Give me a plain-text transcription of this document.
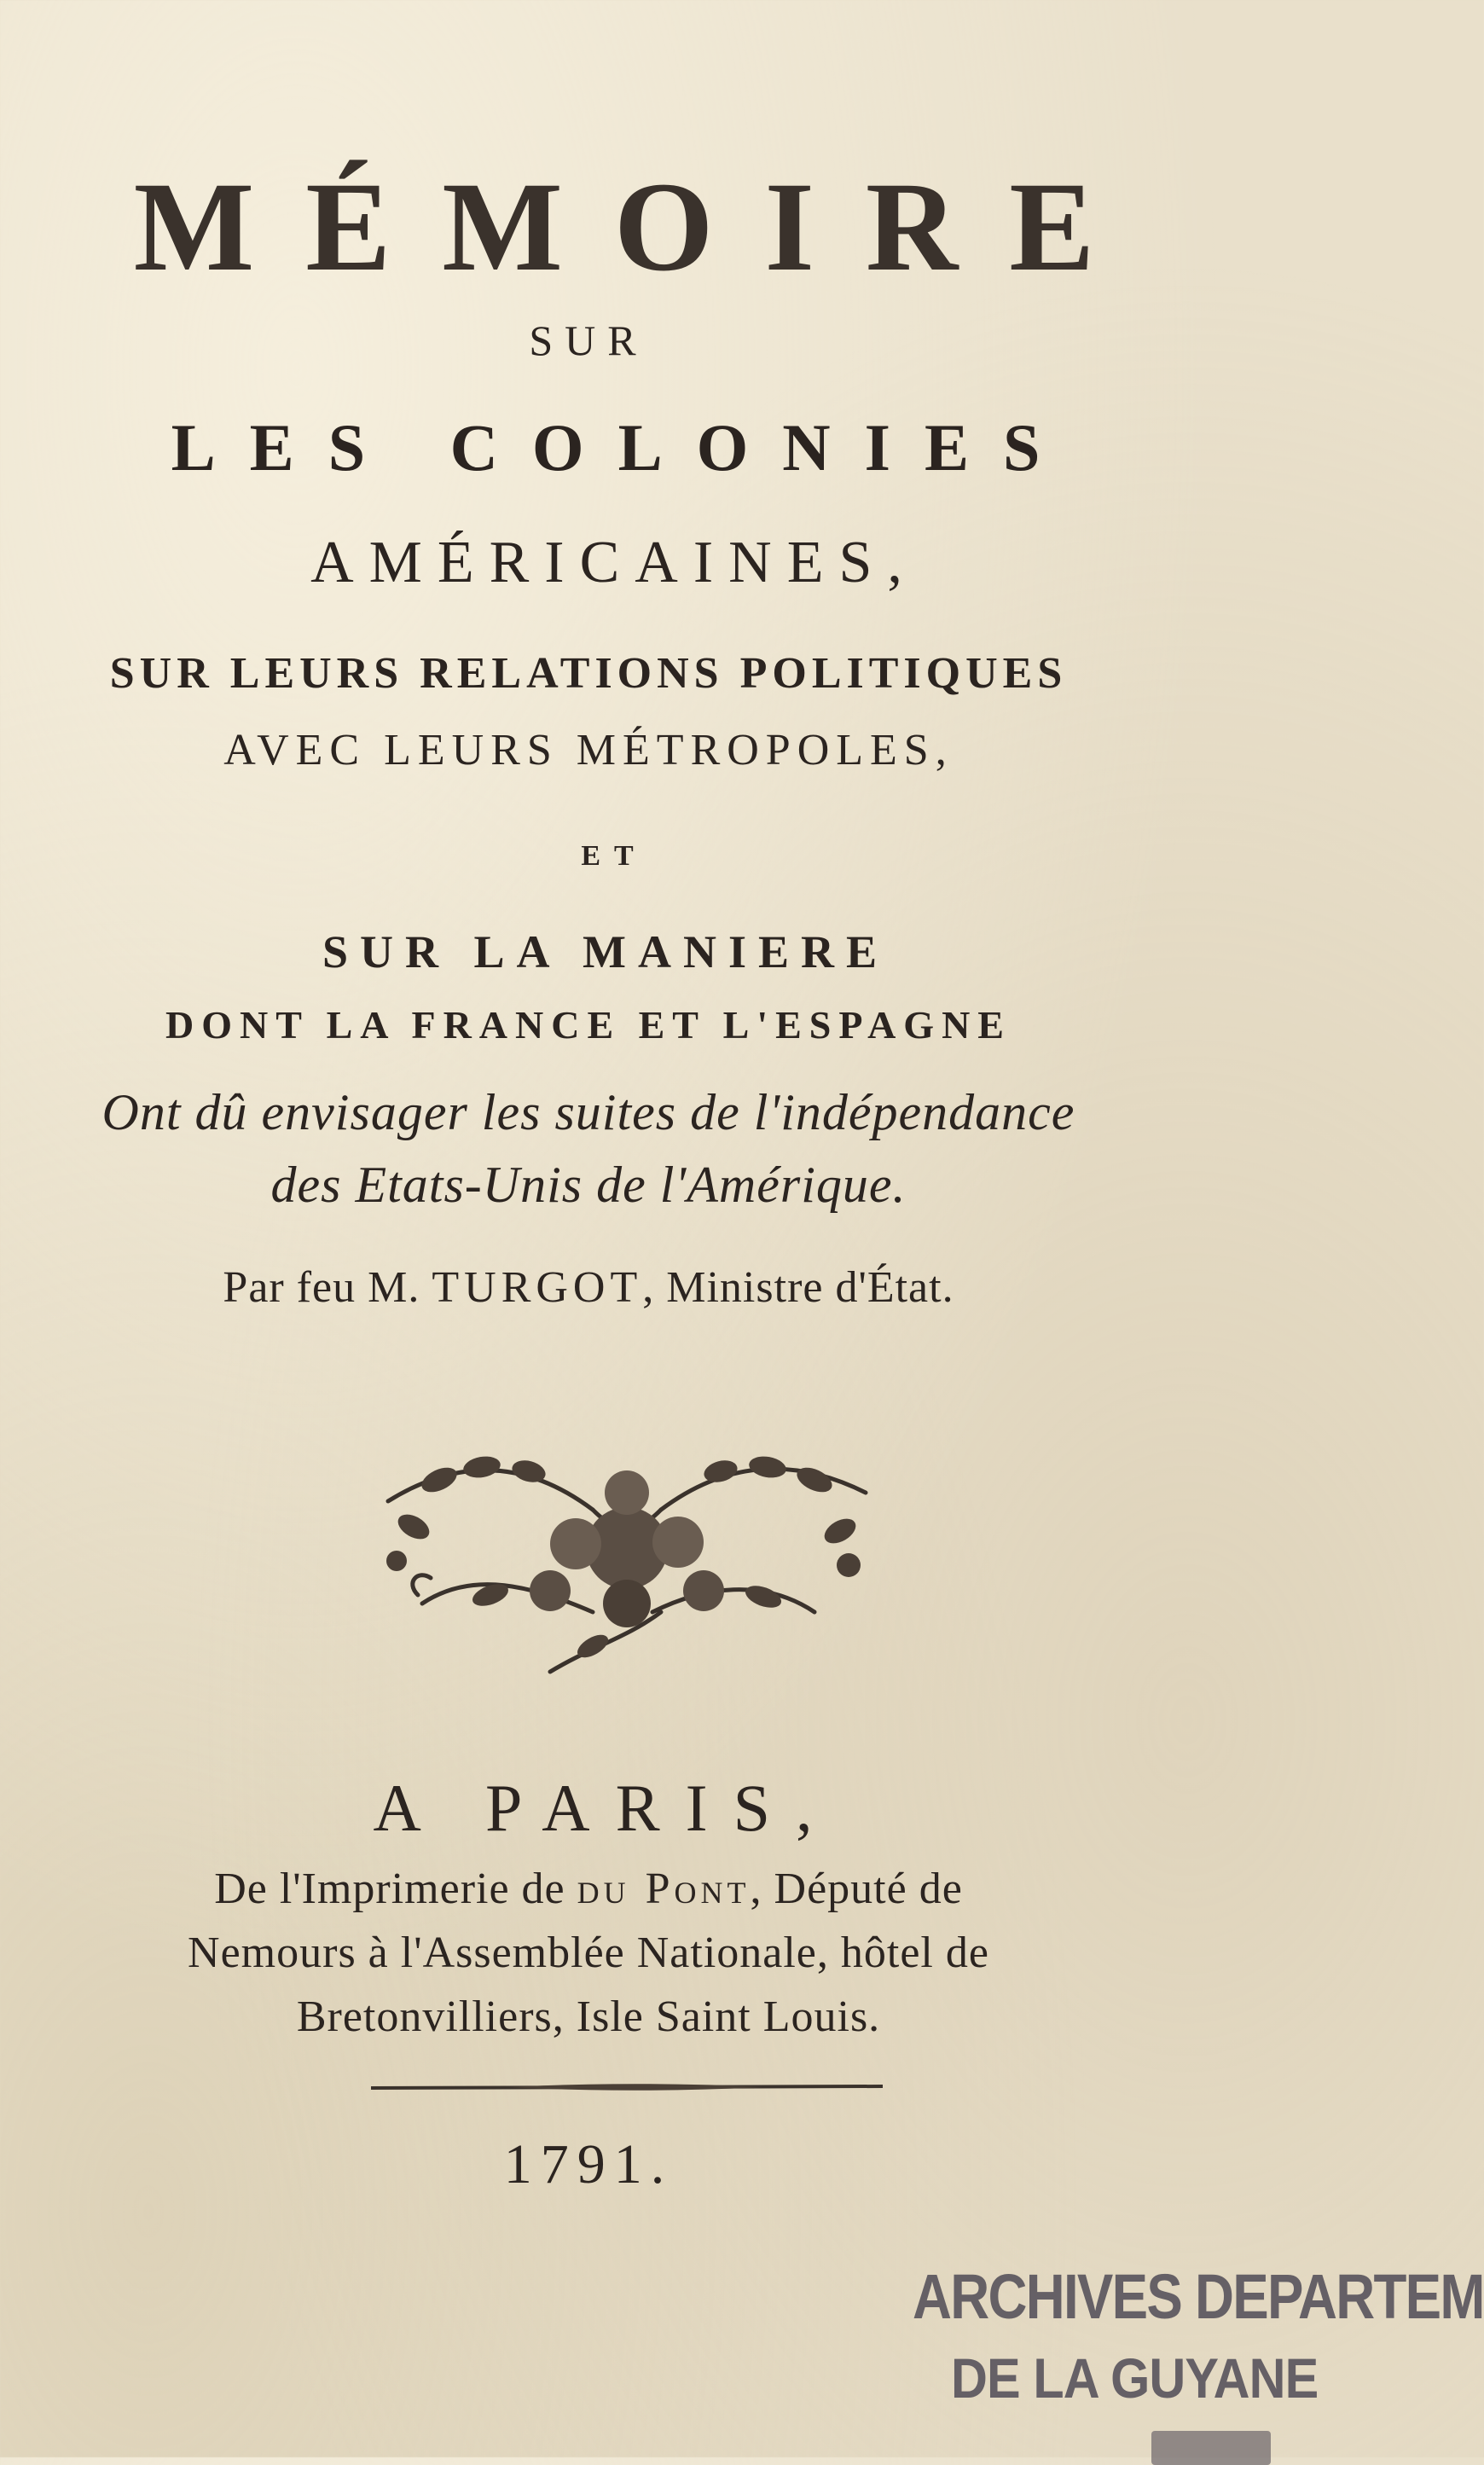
MÉMOIRE
SUR
LES COLONIES
AMÉRICAINES,
SUR LEURS RELATIONS POLITIQUES
AVEC LEURS MÉTROPOLES,
ET
SUR LA MANIERE
DONT LA FRANCE ET L'ESPAGNE
Ont dû envisager les suites de l'indépendance
des Etats-Unis de l'Amérique.
Par feu M. TURGOT, Ministre d'État.
A PARIS,
De l'Imprimerie de du Pont, Député de
Nemours à l'Assemblée Nationale, hôtel de
Bretonvilliers, Isle Saint Louis.
1791.
ARCHIVES DEPARTEM
DE LA GUYANE
